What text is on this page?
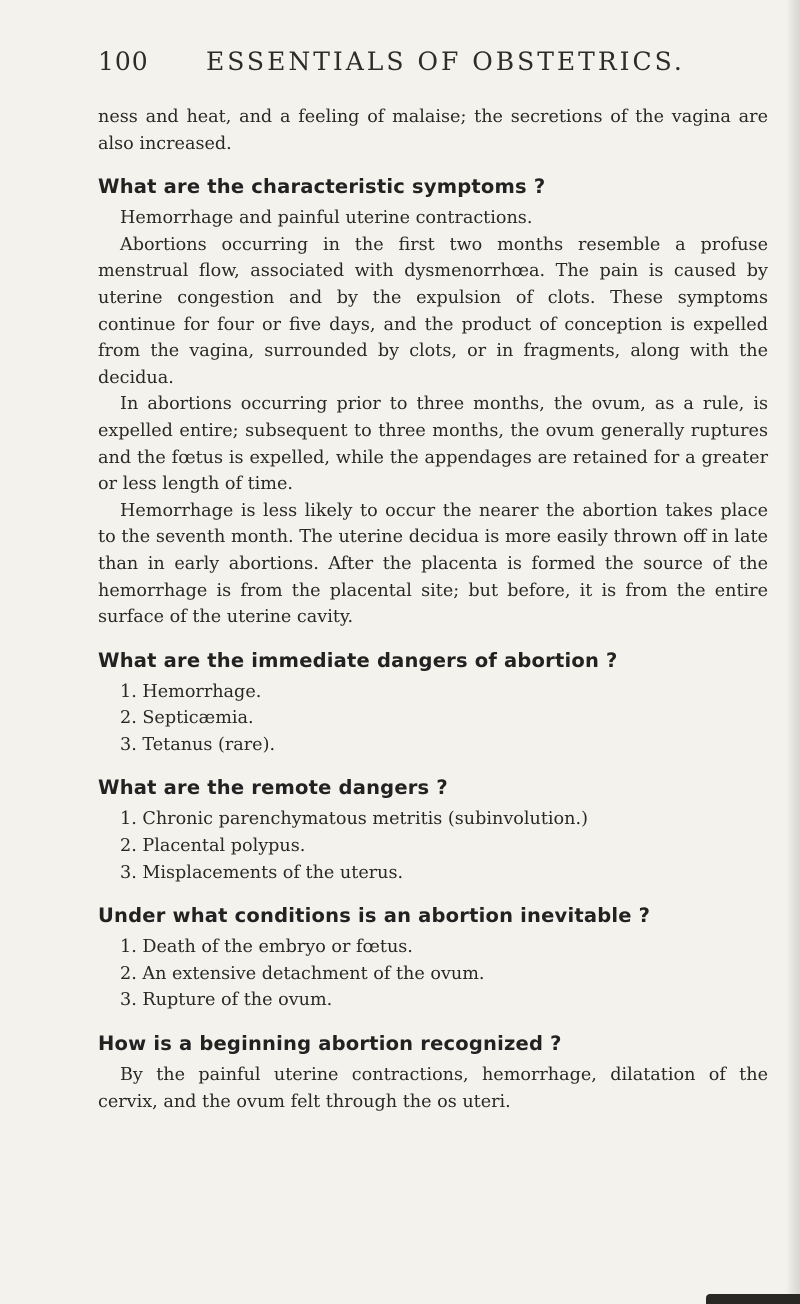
100 ESSENTIALS OF OBSTETRICS.

ness and heat, and a feeling of malaise; the secretions of the vagina are also increased.

What are the characteristic symptoms ?

Hemorrhage and painful uterine contractions.

Abortions occurring in the first two months resemble a profuse menstrual flow, associated with dysmenorrhœa. The pain is caused by uterine congestion and by the expulsion of clots. These symptoms continue for four or five days, and the product of conception is expelled from the vagina, surrounded by clots, or in fragments, along with the decidua.

In abortions occurring prior to three months, the ovum, as a rule, is expelled entire; subsequent to three months, the ovum generally ruptures and the fœtus is expelled, while the appendages are retained for a greater or less length of time.

Hemorrhage is less likely to occur the nearer the abortion takes place to the seventh month. The uterine decidua is more easily thrown off in late than in early abortions. After the placenta is formed the source of the hemorrhage is from the placental site; but before, it is from the entire surface of the uterine cavity.

What are the immediate dangers of abortion ?
1. Hemorrhage.
2. Septicæmia.
3. Tetanus (rare).
What are the remote dangers ?
1. Chronic parenchymatous metritis (subinvolution.)
2. Placental polypus.
3. Misplacements of the uterus.
Under what conditions is an abortion inevitable ?
1. Death of the embryo or fœtus.
2. An extensive detachment of the ovum.
3. Rupture of the ovum.
How is a beginning abortion recognized ?

By the painful uterine contractions, hemorrhage, dilatation of the cervix, and the ovum felt through the os uteri.
